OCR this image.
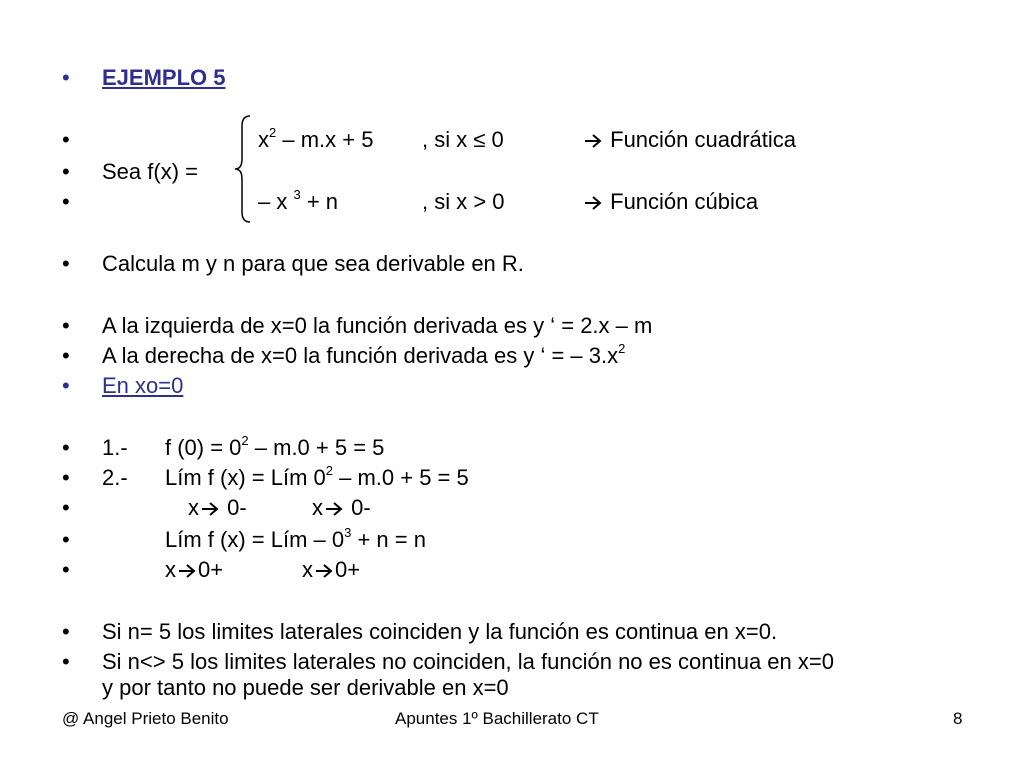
• EJEMPLO 5
•	$x^2 - m.x + 5$ , si x ≤ 0	Función cuadrática
• Sea f(x) =
•	– x $^3$ + n	, si x > 0	Función cúbica
• Calcula m y n para que sea derivable en R.
• A la izquierda de x=0 la función derivada es y ‘ = 2.x – m
• A la derecha de x=0 la función derivada es y ‘ = – $3.x^2$
• En xo=0
• 1.- f $(0) = 0^2 - m.0 + 5 = 5$
• 2.- Lím f (x) = Lím $0^2 - m.0 + 5 = 5$
•	x 0-	x 0-
•	Lím f (x) = Lím – $0^3 + n = n$
•	x 0+	x 0+
• Si n= 5 los limites laterales coinciden y la función es continua en x=0.
• Si n<> 5 los limites laterales no coinciden, la función no es continua en x=0
y por tanto no puede ser derivable en x=0
@ Angel Prieto Benito	Apuntes 1º Bachillerato CT	8
